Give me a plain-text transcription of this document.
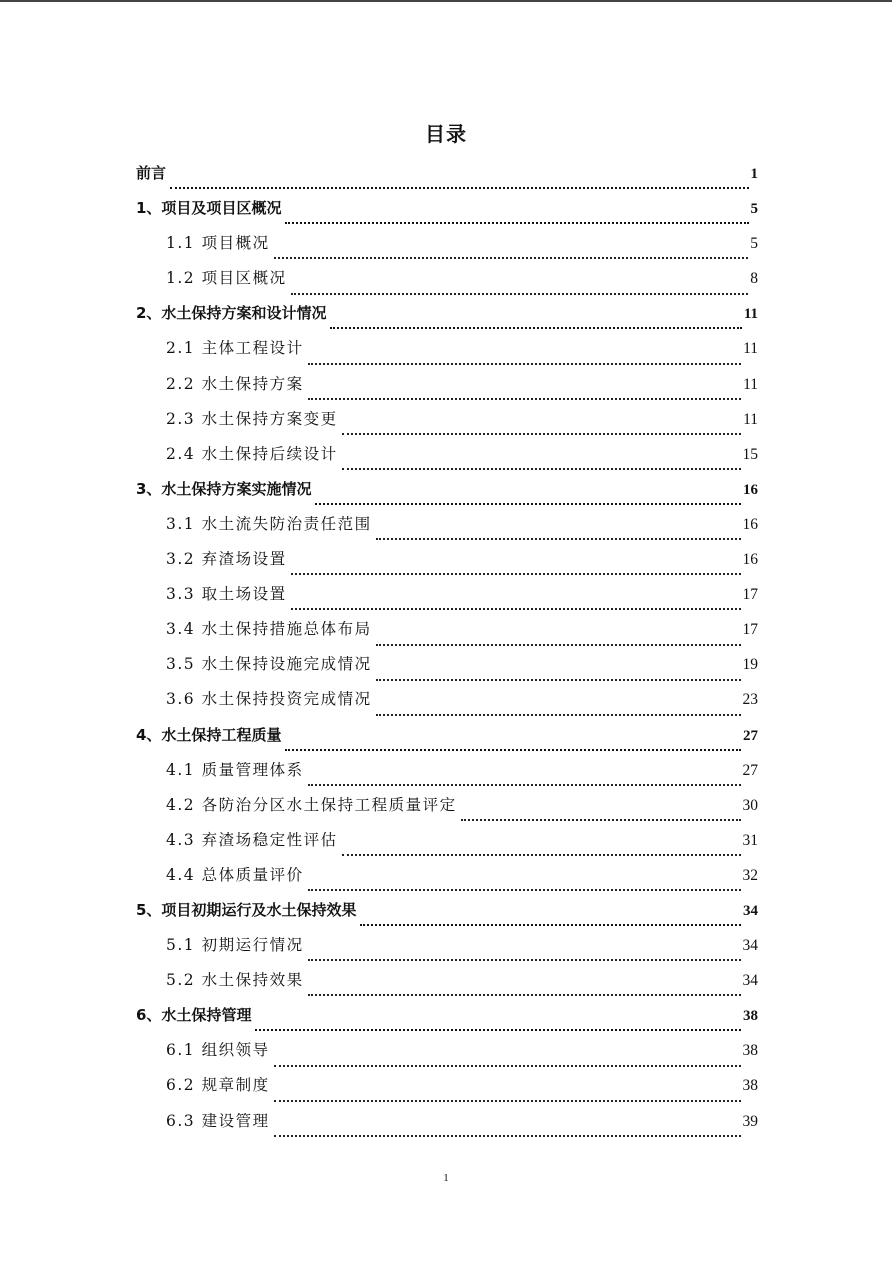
目录
前言	1
1、项目及项目区概况	5
1.1 项目概况	5
1.2 项目区概况	8
2、水土保持方案和设计情况	11
2.1 主体工程设计	11
2.2 水土保持方案	11
2.3 水土保持方案变更	11
2.4 水土保持后续设计	15
3、水土保持方案实施情况	16
3.1 水土流失防治责任范围	16
3.2 弃渣场设置	16
3.3 取土场设置	17
3.4 水土保持措施总体布局	17
3.5 水土保持设施完成情况	19
3.6 水土保持投资完成情况	23
4、水土保持工程质量	27
4.1 质量管理体系	27
4.2 各防治分区水土保持工程质量评定	30
4.3 弃渣场稳定性评估	31
4.4 总体质量评价	32
5、项目初期运行及水土保持效果	34
5.1 初期运行情况	34
5.2 水土保持效果	34
6、水土保持管理	38
6.1 组织领导	38
6.2 规章制度	38
6.3 建设管理	39
1
